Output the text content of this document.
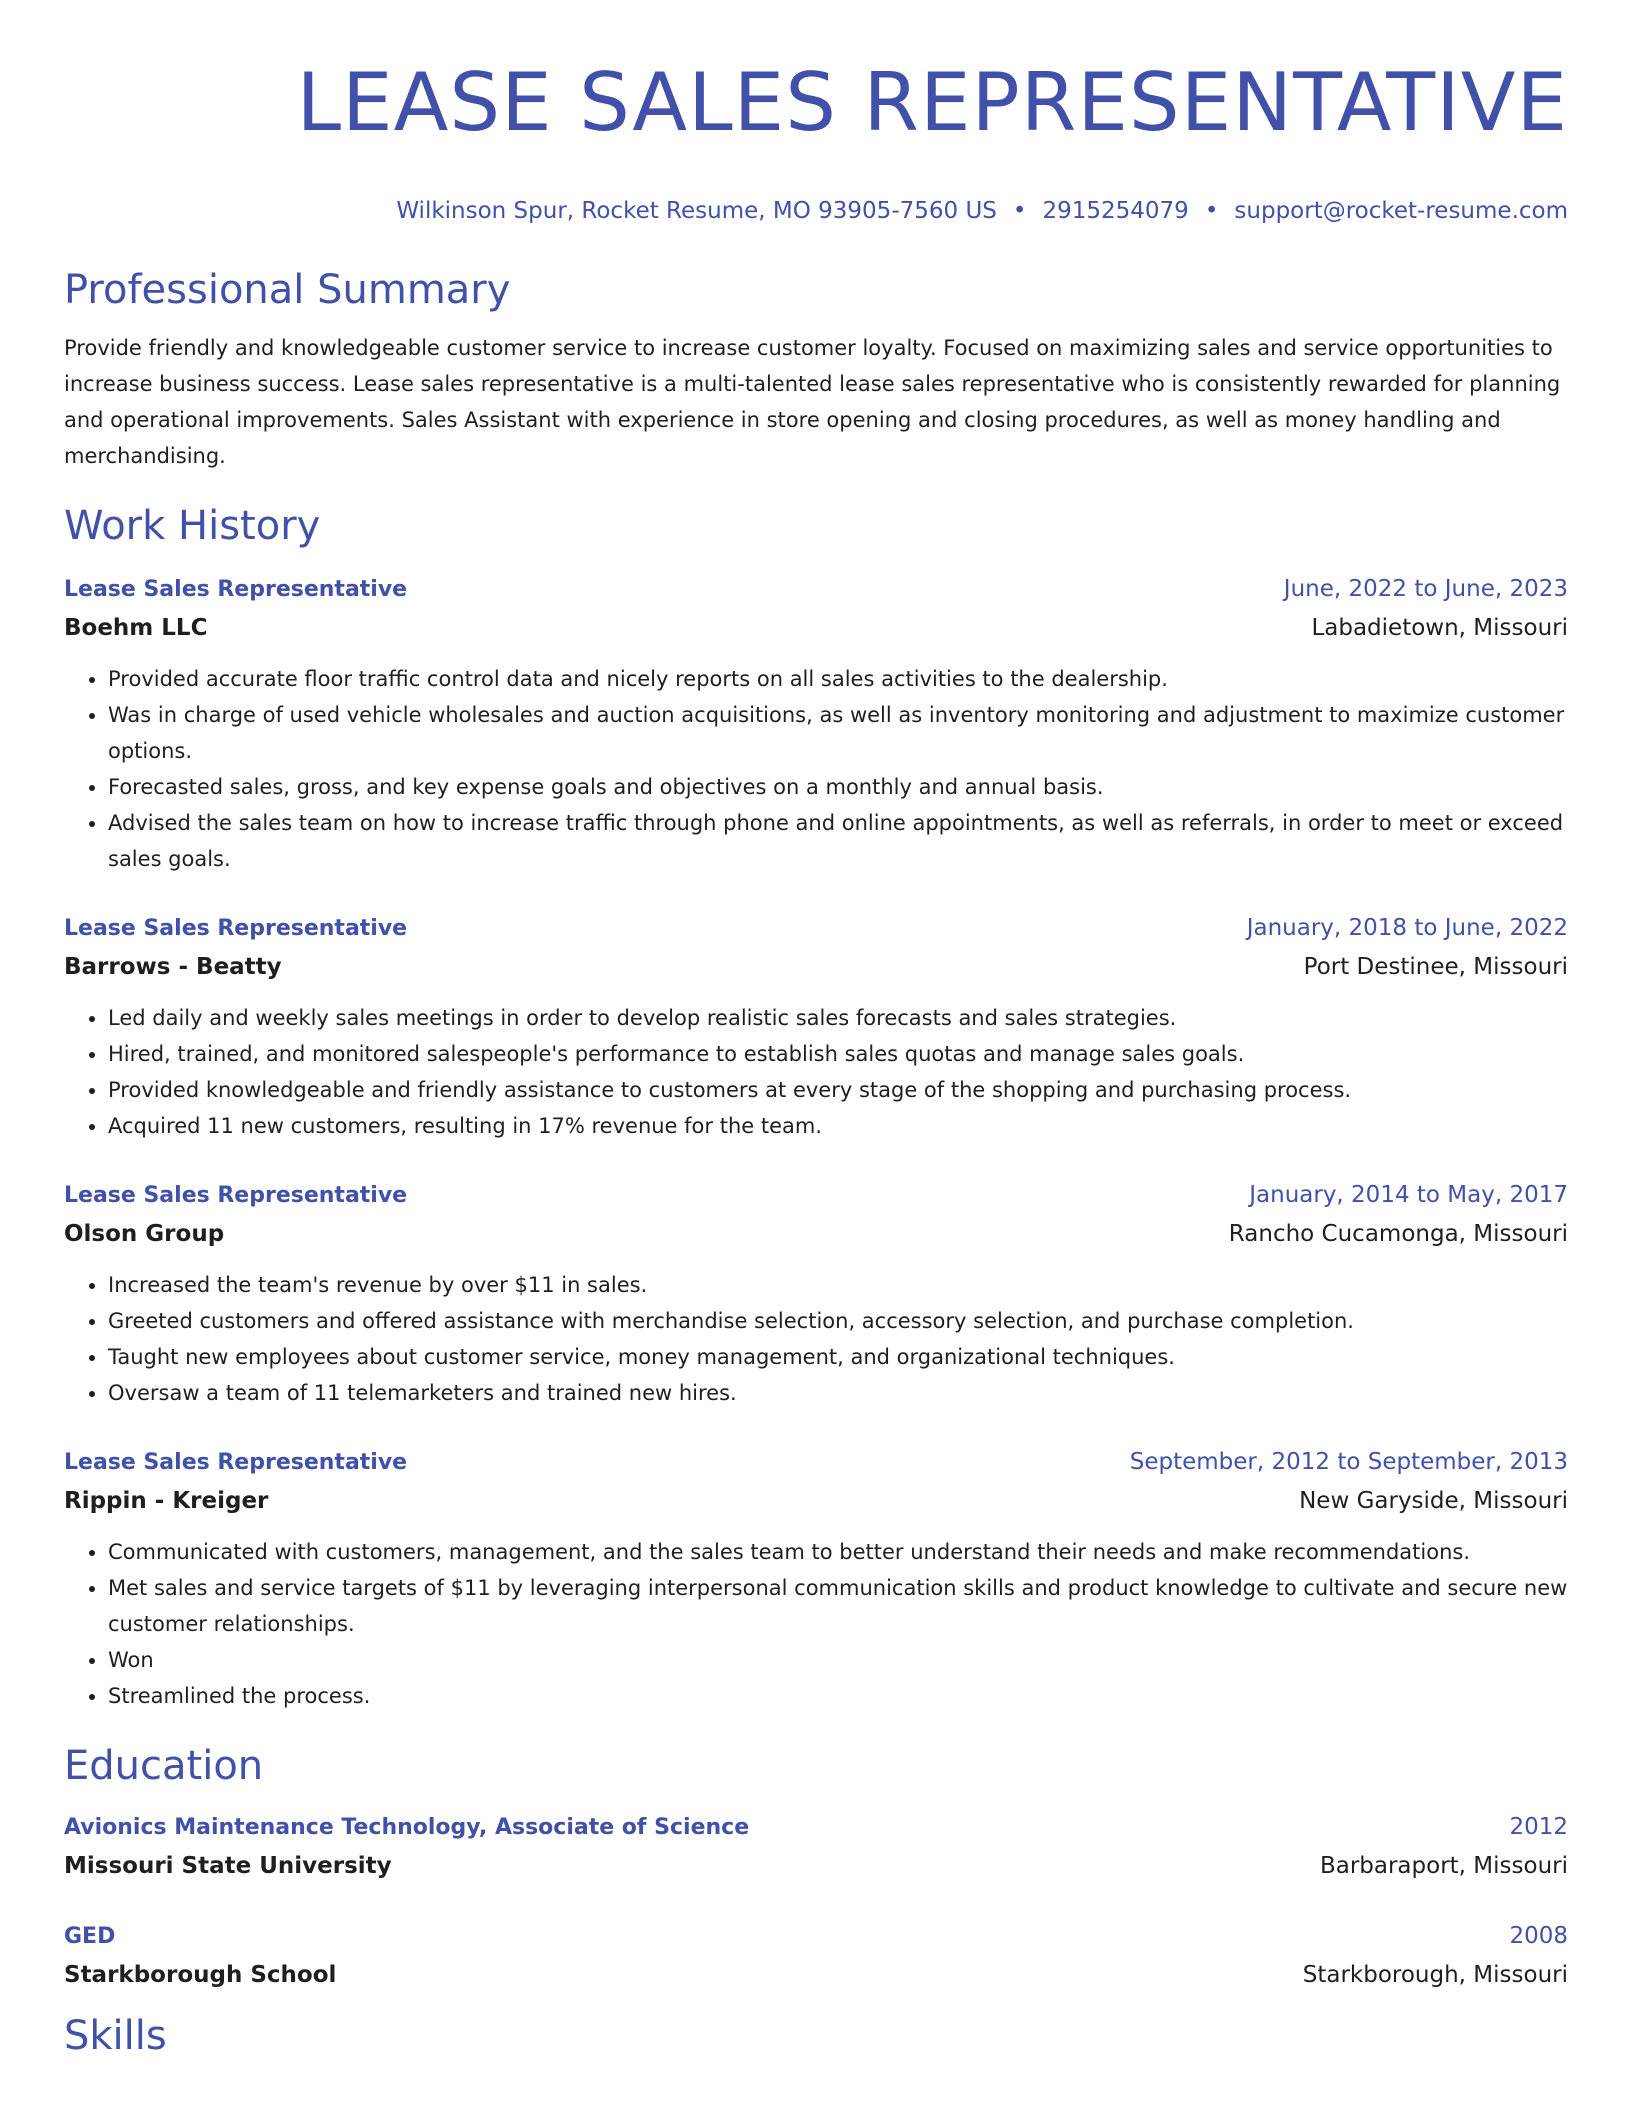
LEASE SALES REPRESENTATIVE
Wilkinson Spur, Rocket Resume, MO 93905-7560 US • 2915254079 • support@rocket-resume.com
Professional Summary
Provide friendly and knowledgeable customer service to increase customer loyalty. Focused on maximizing sales and service opportunities to increase business success. Lease sales representative is a multi-talented lease sales representative who is consistently rewarded for planning and operational improvements. Sales Assistant with experience in store opening and closing procedures, as well as money handling and merchandising.
Work History
Lease Sales Representative	June, 2022 to June, 2023
Boehm LLC	Labadietown, Missouri
• Provided accurate floor traffic control data and nicely reports on all sales activities to the dealership.
• Was in charge of used vehicle wholesales and auction acquisitions, as well as inventory monitoring and adjustment to maximize customer options.
• Forecasted sales, gross, and key expense goals and objectives on a monthly and annual basis.
• Advised the sales team on how to increase traffic through phone and online appointments, as well as referrals, in order to meet or exceed sales goals.
Lease Sales Representative	January, 2018 to June, 2022
Barrows - Beatty	Port Destinee, Missouri
• Led daily and weekly sales meetings in order to develop realistic sales forecasts and sales strategies.
• Hired, trained, and monitored salespeople's performance to establish sales quotas and manage sales goals.
• Provided knowledgeable and friendly assistance to customers at every stage of the shopping and purchasing process.
• Acquired 11 new customers, resulting in 17% revenue for the team.
Lease Sales Representative	January, 2014 to May, 2017
Olson Group	Rancho Cucamonga, Missouri
• Increased the team's revenue by over $11 in sales.
• Greeted customers and offered assistance with merchandise selection, accessory selection, and purchase completion.
• Taught new employees about customer service, money management, and organizational techniques.
• Oversaw a team of 11 telemarketers and trained new hires.
Lease Sales Representative	September, 2012 to September, 2013
Rippin - Kreiger	New Garyside, Missouri
• Communicated with customers, management, and the sales team to better understand their needs and make recommendations.
• Met sales and service targets of $11 by leveraging interpersonal communication skills and product knowledge to cultivate and secure new customer relationships.
• Won
• Streamlined the process.
Education
Avionics Maintenance Technology, Associate of Science	2012
Missouri State University	Barbaraport, Missouri
GED	2008
Starkborough School	Starkborough, Missouri
Skills
